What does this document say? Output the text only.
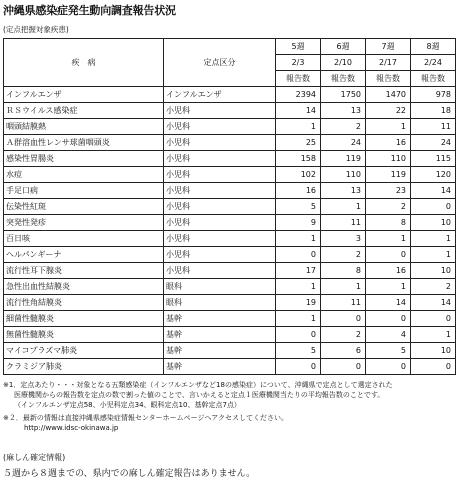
沖縄県感染症発生動向調査報告状況
(定点把握対象疾患)
疾　病	定点区分	5週	6週	7週	8週
		2/3	2/10	2/17	2/24
		報告数	報告数	報告数	報告数
インフルエンザ	インフルエンザ	2394	1750	1470	978
ＲＳウイルス感染症	小児科	14	13	22	18
咽頭結膜熱	小児科	1	2	1	11
Ａ群溶血性レンサ球菌咽頭炎	小児科	25	24	16	24
感染性胃腸炎	小児科	158	119	110	115
水痘	小児科	102	110	119	120
手足口病	小児科	16	13	23	14
伝染性紅斑	小児科	5	1	2	0
突発性発疹	小児科	9	11	8	10
百日咳	小児科	1	3	1	1
ヘルパンギーナ	小児科	0	2	0	1
流行性耳下腺炎	小児科	17	8	16	10
急性出血性結膜炎	眼科	1	1	1	2
流行性角結膜炎	眼科	19	11	14	14
細菌性髄膜炎	基幹	1	0	0	0
無菌性髄膜炎	基幹	0	2	4	1
マイコプラズマ肺炎	基幹	5	6	5	10
クラミジア肺炎	基幹	0	0	0	0
※1．定点あたり・・・対象となる五類感染症（インフルエンザなど18の感染症）について、沖縄県で定点として選定された
医療機関からの報告数を定点の数で割った値のことで、言いかえると定点１医療機関当たりの平均報告数のことです。
（インフルエンザ定点58、小児科定点34、眼科定点10、基幹定点7点）
※２．最新の情報は直接沖縄県感染症情報センターホームページへアクセスしてください。
http://www.idsc-okinawa.jp
(麻しん確定情報)
５週から８週までの、県内での麻しん確定報告はありません。
